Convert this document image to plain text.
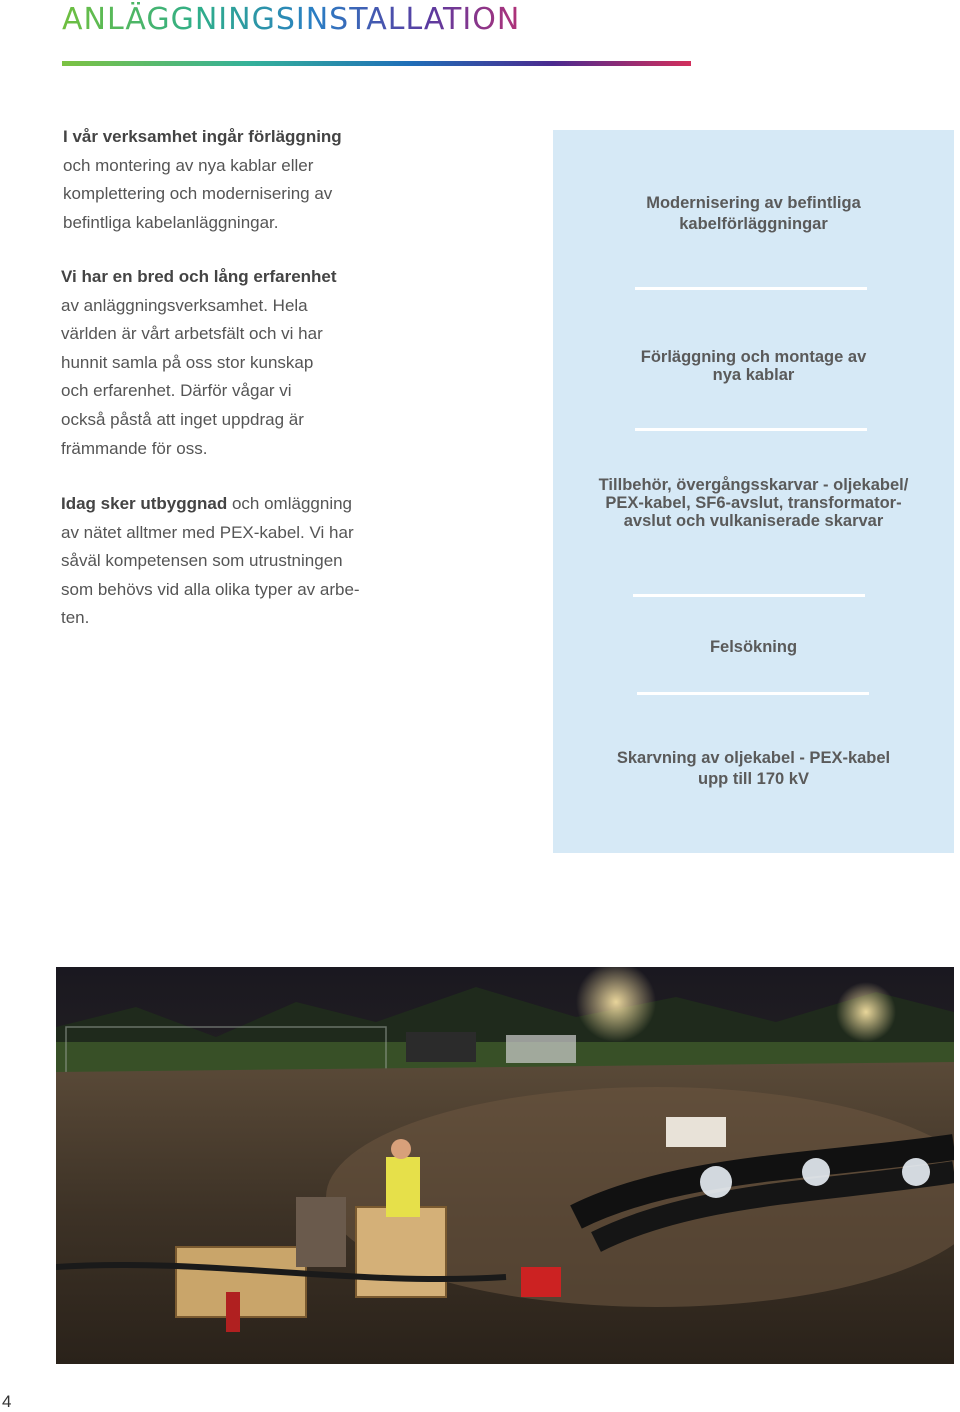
ANLÄGGNINGSINSTALLATION

I vår verksamhet ingår förläggning

och montering av nya kablar eller

komplettering och modernisering av

befintliga kabelanläggningar.

Vi har en bred och lång erfarenhet

av anläggningsverksamhet. Hela

världen är vårt arbetsfält och vi har

hunnit samla på oss stor kunskap

och erfarenhet. Därför vågar vi

också påstå att inget uppdrag är

främmande för oss.

Idag sker utbyggnad och omläggning

av nätet alltmer med PEX-kabel. Vi har

såväl kompetensen som utrustningen

som behövs vid alla olika typer av arbe-

ten.

Modernisering av befintliga
kabelförläggningar
Förläggning och montage av
nya kablar
Tillbehör, övergångsskarvar - oljekabel/
PEX-kabel, SF6-avslut, transformator-
avslut och vulkaniserade skarvar
Felsökning
Skarvning av oljekabel - PEX-kabel
upp till 170 kV
4
